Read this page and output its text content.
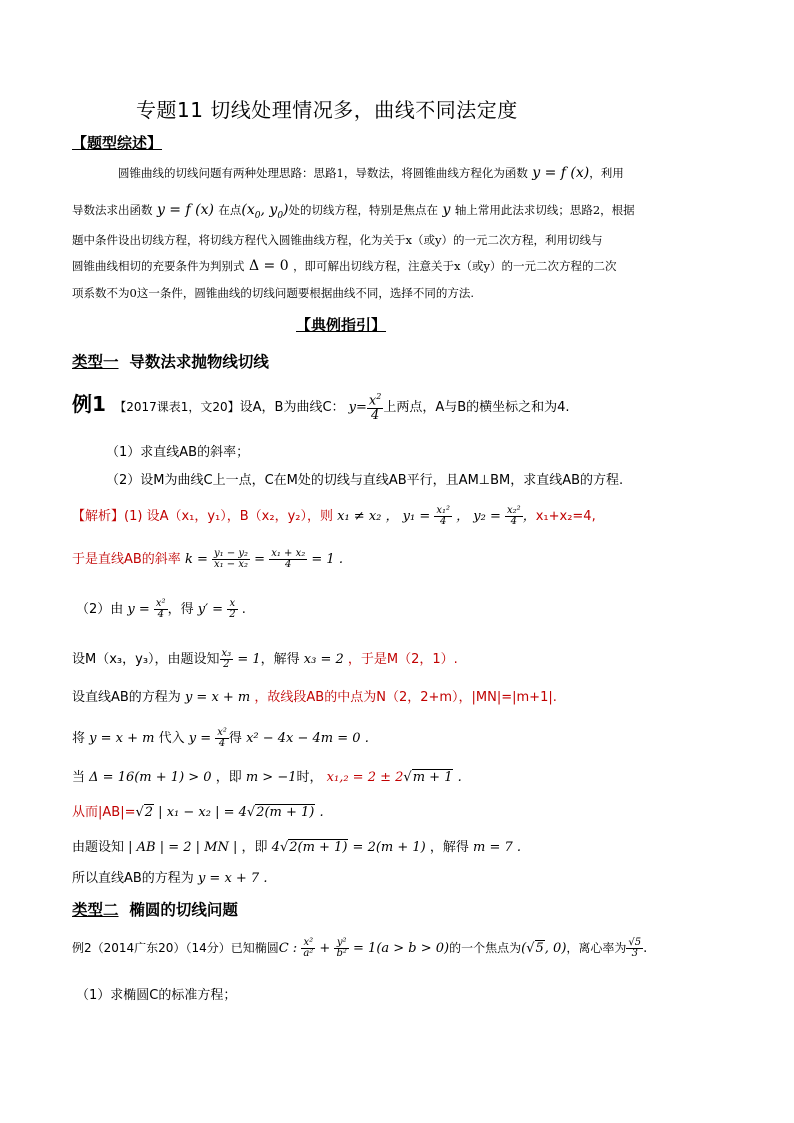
专题11 切线处理情况多，曲线不同法定度
【题型综述】
圆锥曲线的切线问题有两种处理思路：思路1，导数法，将圆锥曲线方程化为函数 y = f (x)，利用
导数法求出函数 y = f (x) 在点($x_0$, $y_0$)处的切线方程，特别是焦点在 y 轴上常用此法求切线；思路2，根据
题中条件设出切线方程，将切线方程代入圆锥曲线方程，化为关于x（或y）的一元二次方程，利用切线与
圆锥曲线相切的充要条件为判别式 Δ = 0 ，即可解出切线方程，注意关于x（或y）的一元二次方程的二次
项系数不为0这一条件，圆锥曲线的切线问题要根据曲线不同，选择不同的方法.
【典例指引】
类型一 导数法求抛物线切线
例1 【2017课表1，文20】设A，B为曲线C： $y= \frac{x^2}{4}$ 上两点，A与B的横坐标之和为4.
（1）求直线AB的斜率；
（2）设M为曲线C上一点，C在M处的切线与直线AB平行，且AM⊥BM，求直线AB的方程.
【解析】(1) 设A（x₁，y₁），B（x₂，y₂），则 x₁ ≠ x₂ ， $y_1 = \frac{\text{x₁²}}{4}$ ， $y_2 = \frac{\text{x₂²}}{4}$ ，x₁+x₂=4,
于是直线AB的斜率 $k = \frac{\text{y₁ − y₂}}{\text{x₁ − x₂}} = \frac{\text{x₁ + x₂}}{4} = 1$ .
（2）由 $y = \frac{\text{x²}}{4}$ ，得 $y' = \frac{x}{2}$ .
设M（x₃，y₃），由题设知 $\frac{\text{x₃}}{2} = 1$，解得 x₃ = 2 ，于是M（2，1）.
设直线AB的方程为 y = x + m ，故线段AB的中点为N（2，2+m），|MN|=|m+1|.
将 y = x + m 代入 $y = \frac{\text{x²}}{4}$ 得 x² − 4x − 4m = 0 .
当 Δ = 16(m + 1) > 0 ，即 m > −1时， x₁,₂ = 2 ± 2√m + 1 .
从而|AB|=√2 | x₁ − x₂ | = 4√2(m + 1) .
由题设知 | AB | = 2 | MN | ，即 4√2(m + 1) = 2(m + 1) ，解得 m = 7 .
所以直线AB的方程为 y = x + 7 .
类型二 椭圆的切线问题
例2（2014广东20）（14分）已知椭圆C : $\frac{\text{x²}}{\text{a²}} + \frac{\text{y²}}{\text{b²}} = 1(a > b > 0)$的一个焦点为(√5, 0)，离心率为 $\frac{√5}{3}$ .
（1）求椭圆C的标准方程；
